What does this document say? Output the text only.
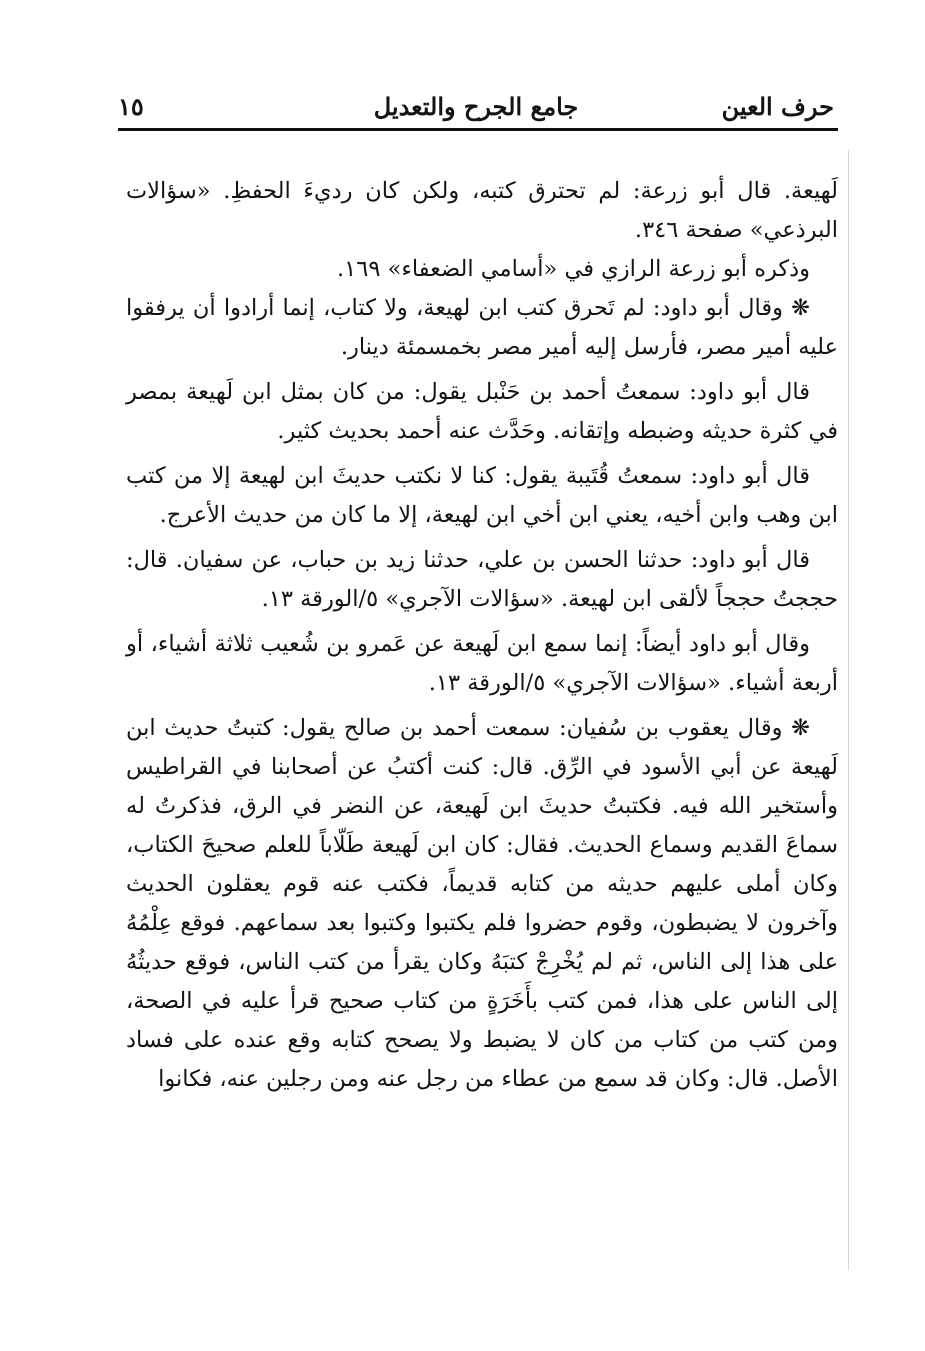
حرف العين
جامع الجرح والتعديل
١٥

لَهيعة. قال أبو زرعة: لم تحترق كتبه، ولكن كان رديءَ الحفظِ. «سؤالات البرذعي» صفحة ٣٤٦.

وذكره أبو زرعة الرازي في «أسامي الضعفاء» ١٦٩.

❋ وقال أبو داود: لم تَحرق كتب ابن لهيعة، ولا كتاب، إنما أرادوا أن يرفقوا عليه أمير مصر، فأرسل إليه أمير مصر بخمسمئة دينار.

قال أبو داود: سمعتُ أحمد بن حَنْبل يقول: من كان بمثل ابن لَهيعة بمصر في كثرة حديثه وضبطه وإتقانه. وحَدَّث عنه أحمد بحديث كثير.

قال أبو داود: سمعتُ قُتَيبة يقول: كنا لا نكتب حديثَ ابن لهيعة إلا من كتب ابن وهب وابن أخيه، يعني ابن أخي ابن لهيعة، إلا ما كان من حديث الأعرج.

قال أبو داود: حدثنا الحسن بن علي، حدثنا زيد بن حباب، عن سفيان. قال: حججتُ حججاً لألقى ابن لهيعة. «سؤالات الآجري» ٥/الورقة ١٣.

وقال أبو داود أيضاً: إنما سمع ابن لَهيعة عن عَمرو بن شُعيب ثلاثة أشياء، أو أربعة أشياء. «سؤالات الآجري» ٥/الورقة ١٣.

❋ وقال يعقوب بن سُفيان: سمعت أحمد بن صالح يقول: كتبتُ حديث ابن لَهيعة عن أبي الأسود في الرِّق. قال: كنت أكتبُ عن أصحابنا في القراطيس وأستخير الله فيه. فكتبتُ حديثَ ابن لَهيعة، عن النضر في الرق، فذكرتُ له سماعَ القديم وسماع الحديث. فقال: كان ابن لَهيعة طَلّاباً للعلم صحيحَ الكتاب، وكان أملى عليهم حديثه من كتابه قديماً، فكتب عنه قوم يعقلون الحديث وآخرون لا يضبطون، وقوم حضروا فلم يكتبوا وكتبوا بعد سماعهم. فوقع عِلْمُهُ على هذا إلى الناس، ثم لم يُخْرِجْ كتبَهُ وكان يقرأ من كتب الناس، فوقع حديثُهُ إلى الناس على هذا، فمن كتب بأَخَرَةٍ من كتاب صحيح قرأ عليه في الصحة، ومن كتب من كتاب من كان لا يضبط ولا يصحح كتابه وقع عنده على فساد الأصل. قال: وكان قد سمع من عطاء من رجل عنه ومن رجلين عنه، فكانوا
